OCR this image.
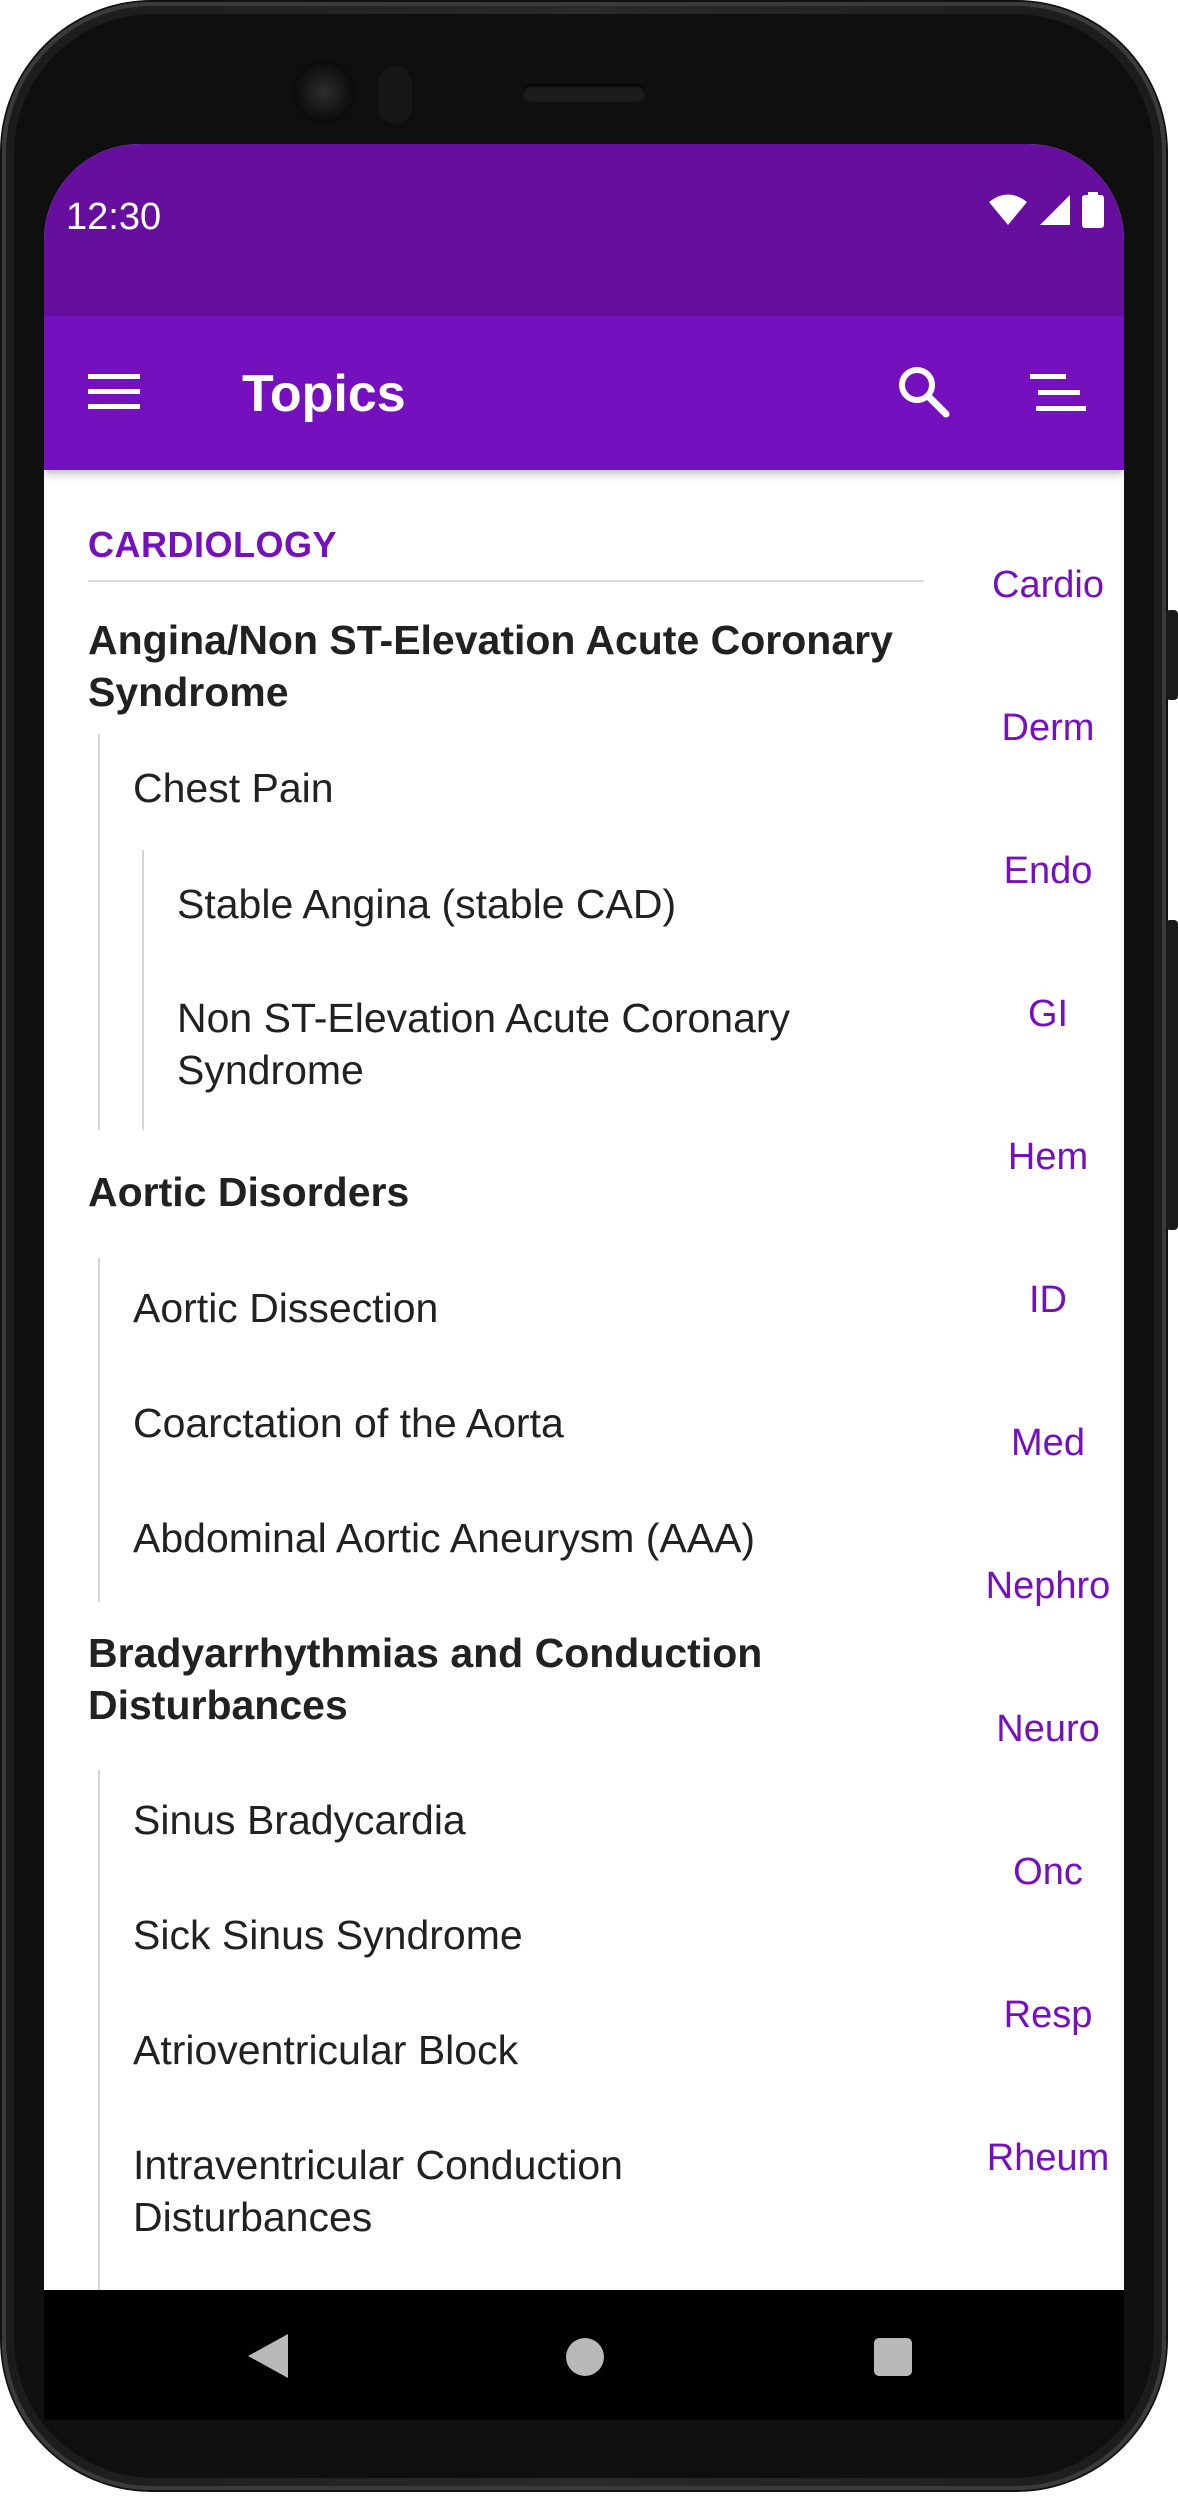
12:30
Topics
CARDIOLOGY
Angina/Non ST-Elevation Acute Coronary
Syndrome
Chest Pain
Stable Angina (stable CAD)
Non ST-Elevation Acute Coronary
Syndrome
Aortic Disorders
Aortic Dissection
Coarctation of the Aorta
Abdominal Aortic Aneurysm (AAA)
Bradyarrhythmias and Conduction
Disturbances
Sinus Bradycardia
Sick Sinus Syndrome
Atrioventricular Block
Intraventricular Conduction
Disturbances
Cardio
Derm
Endo
GI
Hem
ID
Med
Nephro
Neuro
Onc
Resp
Rheum
